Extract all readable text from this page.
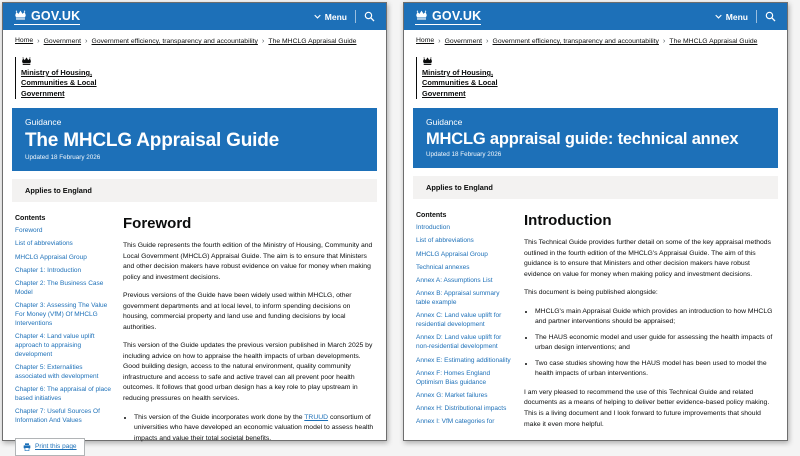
GOV.UK	Menu
Home	› Government	› Government efficiency, transparency and accountability	› The MHCLG Appraisal Guide
Ministry of Housing, Communities & Local Government
Guidance
The MHCLG Appraisal Guide
Updated 18 February 2026
Applies to England
Contents
Foreword
List of abbreviations
MHCLG Appraisal Group
Chapter 1: Introduction
Chapter 2: The Business Case Model
Chapter 3: Assessing The Value For Money (VfM) Of MHCLG Interventions
Chapter 4: Land value uplift approach to appraising development
Chapter 5: Externalities associated with development
Chapter 6: The appraisal of place based initiatives
Chapter 7: Useful Sources Of Information And Values
Print this page
Foreword

This Guide represents the fourth edition of the Ministry of Housing, Community and Local Government (MHCLG) Appraisal Guide. The aim is to ensure that Ministers and other decision makers have robust evidence on value for money when making policy and investment decisions.

Previous versions of the Guide have been widely used within MHCLG, other government departments and at local level, to inform spending decisions on housing, commercial property and land use and funding decisions by local authorities.

This version of the Guide updates the previous version published in March 2025 by including advice on how to appraise the health impacts of urban developments. Good building design, access to the natural environment, quality community infrastructure and access to safe and active travel can all prevent poor health outcomes. It follows that good urban design has a key role to play upstream in reducing pressures on health services.

• This version of the Guide incorporates work done by the TRUUD consortium of universities who have developed an economic valuation model to assess health impacts and value their total societal benefits.
GOV.UK	Menu
Home	› Government	› Government efficiency, transparency and accountability	› The MHCLG Appraisal Guide
Ministry of Housing, Communities & Local Government
Guidance
MHCLG appraisal guide: technical annex
Updated 18 February 2026
Applies to England
Contents
Introduction
List of abbreviations
MHCLG Appraisal Group
Technical annexes
Annex A: Assumptions List
Annex B: Appraisal summary table example
Annex C: Land value uplift for residential development
Annex D: Land value uplift for non-residential development
Annex E: Estimating additionality
Annex F: Homes England Optimism Bias guidance
Annex G: Market failures
Annex H: Distributional impacts
Annex I: VfM categories for
Introduction

This Technical Guide provides further detail on some of the key appraisal methods outlined in the fourth edition of the MHCLG's Appraisal Guide. The aim of this guidance is to ensure that Ministers and other decision makers have robust evidence on value for money when making policy and investment decisions.

This document is being published alongside:

• MHCLG's main Appraisal Guide which provides an introduction to how MHCLG and partner interventions should be appraised;
• The HAUS economic model and user guide for assessing the health impacts of urban design interventions; and
• Two case studies showing how the HAUS model has been used to model the health impacts of urban interventions.

I am very pleased to recommend the use of this Technical Guide and related documents as a means of helping to deliver better evidence-based policy making. This is a living document and I look forward to future improvements that should make it even more helpful.
